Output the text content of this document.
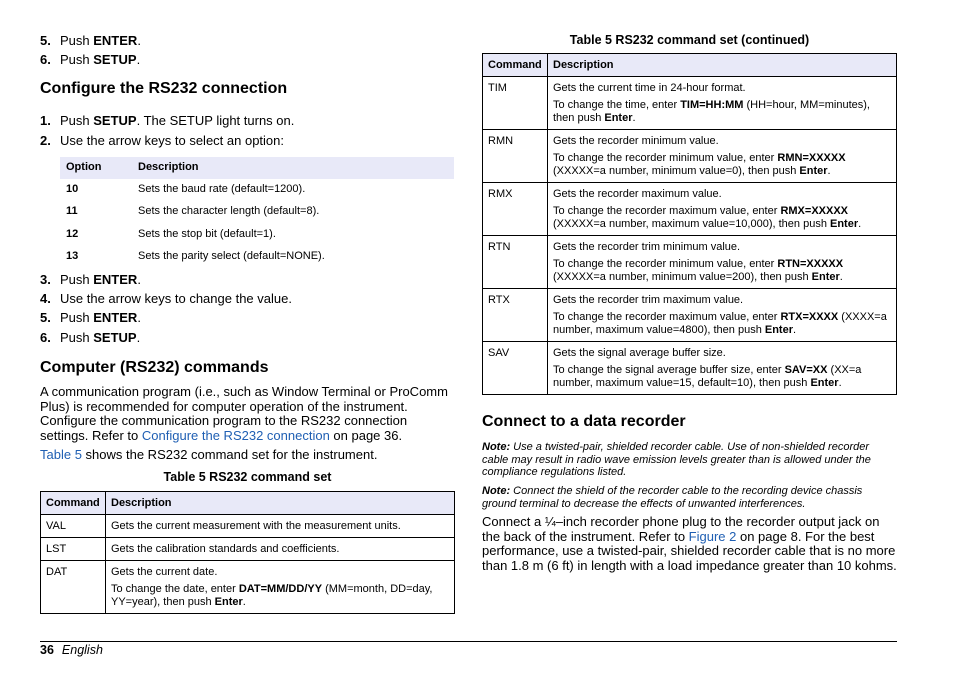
5. Push ENTER.
6. Push SETUP.
Configure the RS232 connection
1. Push SETUP. The SETUP light turns on.
2. Use the arrow keys to select an option:
Option	Description
10	Sets the baud rate (default=1200).
11	Sets the character length (default=8).
12	Sets the stop bit (default=1).
13	Sets the parity select (default=NONE).
3. Push ENTER.
4. Use the arrow keys to change the value.
5. Push ENTER.
6. Push SETUP.
Computer (RS232) commands
A communication program (i.e., such as Window Terminal or ProComm Plus) is recommended for computer operation of the instrument. Configure the communication program to the RS232 connection settings. Refer to Configure the RS232 connection on page 36.
Table 5 shows the RS232 command set for the instrument.
Table 5 RS232 command set
Command	Description
VAL	Gets the current measurement with the measurement units.

LST	Gets the calibration standards and coefficients.

DAT	Gets the current date.
To change the date, enter DAT=MM/DD/YY (MM=month, DD=day, YY=year), then push Enter.
Table 5 RS232 command set (continued)
Command	Description
TIM	Gets the current time in 24-hour format.
To change the time, enter TIM=HH:MM (HH=hour, MM=minutes), then push Enter.

RMN	Gets the recorder minimum value.
To change the recorder minimum value, enter RMN=XXXXX (XXXXX=a number, minimum value=0), then push Enter.

RMX	Gets the recorder maximum value.
To change the recorder maximum value, enter RMX=XXXXX (XXXXX=a number, maximum value=10,000), then push Enter.

RTN	Gets the recorder trim minimum value.
To change the recorder minimum value, enter RTN=XXXXX (XXXXX=a number, minimum value=200), then push Enter.

RTX	Gets the recorder trim maximum value.
To change the recorder maximum value, enter RTX=XXXX (XXXX=a number, maximum value=4800), then push Enter.

SAV	Gets the signal average buffer size.
To change the signal average buffer size, enter SAV=XX (XX=a number, maximum value=15, default=10), then push Enter.
Connect to a data recorder
Note: Use a twisted-pair, shielded recorder cable. Use of non-shielded recorder cable may result in radio wave emission levels greater than is allowed under the compliance regulations listed.
Note: Connect the shield of the recorder cable to the recording device chassis ground terminal to decrease the effects of unwanted interferences.
Connect a ¼–inch recorder phone plug to the recorder output jack on the back of the instrument. Refer to Figure 2 on page 8. For the best performance, use a twisted-pair, shielded recorder cable that is no more than 1.8 m (6 ft) in length with a load impedance greater than 10 kohms.
36 English
